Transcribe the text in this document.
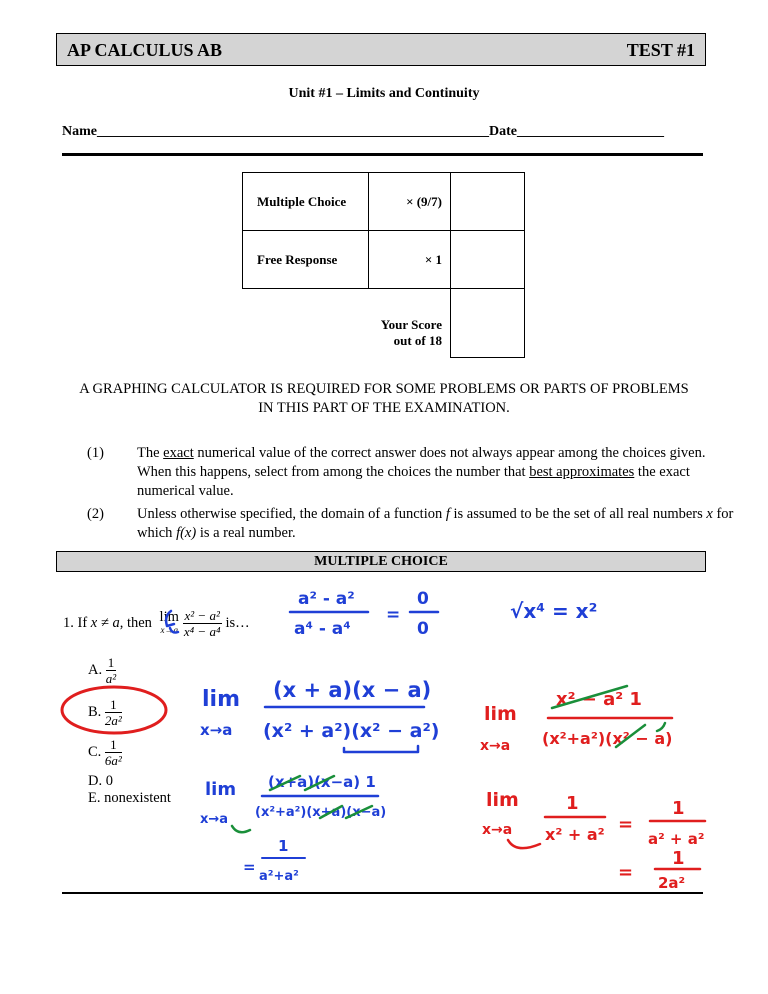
AP CALCULUS AB	TEST #1
Unit #1 – Limits and Continuity
Name________________________________________________________Date_____________________
Multiple Choice	× (9/7)	
Free Response	× 1	
	Your Score
out of 18	
A GRAPHING CALCULATOR IS REQUIRED FOR SOME PROBLEMS OR PARTS OF PROBLEMS
IN THIS PART OF THE EXAMINATION.
(1) The exact numerical value of the correct answer does not always appear among the choices given. When this happens, select from among the choices the number that best approximates the exact numerical value.
(2) Unless otherwise specified, the domain of a function f is assumed to be the set of all real numbers x for which f(x) is a real number.
MULTIPLE CHOICE
1. If x ≠ a, then lim
$x\to a \frac{\text{x² − a²}}{\text{x⁴ − a⁴}}$ is…
A. $\frac{1}{\text{a²}}$
B. $\frac{1}{\text{2a²}}$
C. $\frac{1}{\text{6a²}}$
D. 0
E. nonexistent
a² - a²
a⁴ - a⁴
=
0
0
√x⁴ = x²
lim
x→a
(x + a)(x − a)
(x² + a²)(x² − a²)
lim
x→a
(x+a)(x−a) 1
(x²+a²)(x+a)(x−a)
=
1
a²+a²
lim
x→a
x² − a² 1
(x²+a²)(x² − a)
lim
x→a
1
x² + a² =
1
a² + a²
=
1
2a²
